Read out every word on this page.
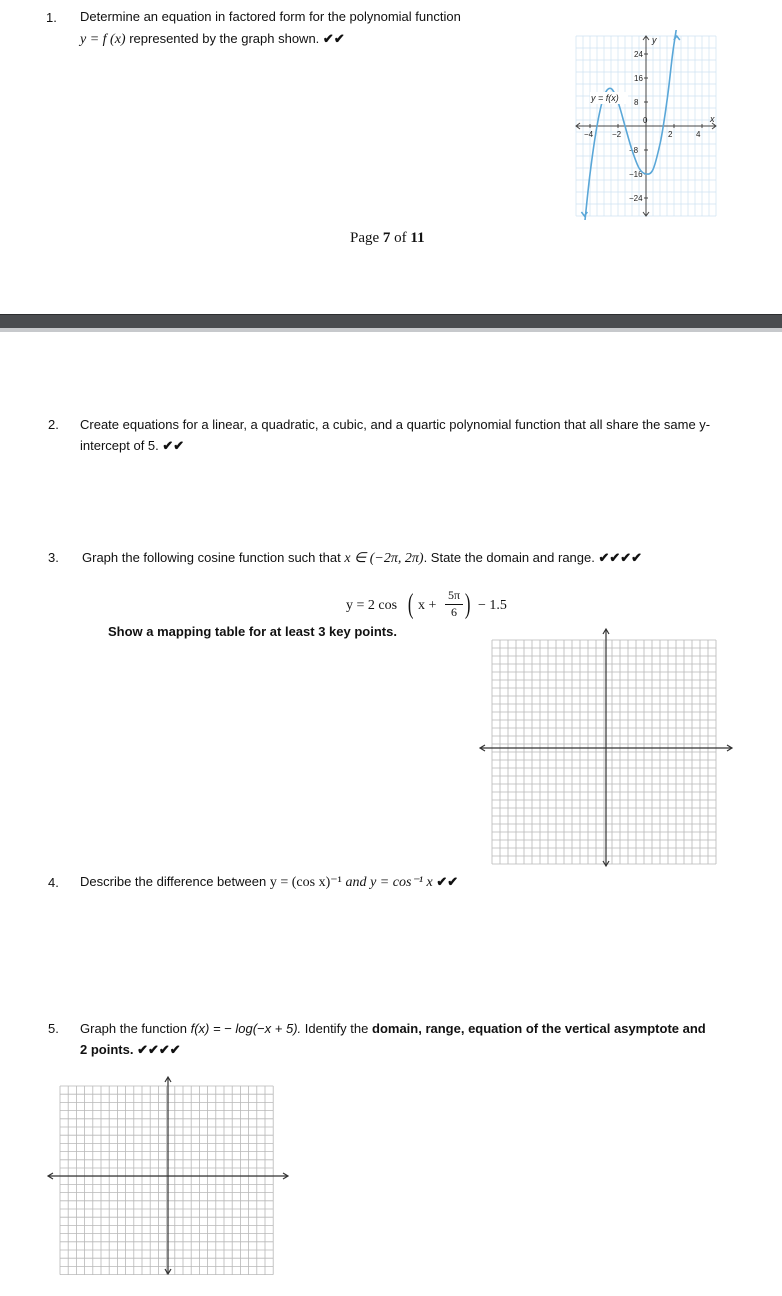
1. Determine an equation in factored form for the polynomial function
y = f (x) represented by the graph shown. ✔✔
−4 −2
0
2	4
24
16
8
−8
−16
−24
y
x
y = f(x)
Page 7 of 11
2. Create equations for a linear, a quadratic, a cubic, and a quartic polynomial function that all share the same y-
intercept of 5. ✔✔
3. Graph the following cosine function such that x ∈ (−2π, 2π). State the domain and range. ✔✔✔✔
y = 2 cos ( x +
5π
6 ) − 1.5
Show a mapping table for at least 3 key points.
4. Describe the difference between y = (cos x)⁻¹ and y = cos⁻¹ x ✔✔
5. Graph the function f(x) = − log(−x + 5). Identify the domain, range, equation of the vertical asymptote and
2 points. ✔✔✔✔
